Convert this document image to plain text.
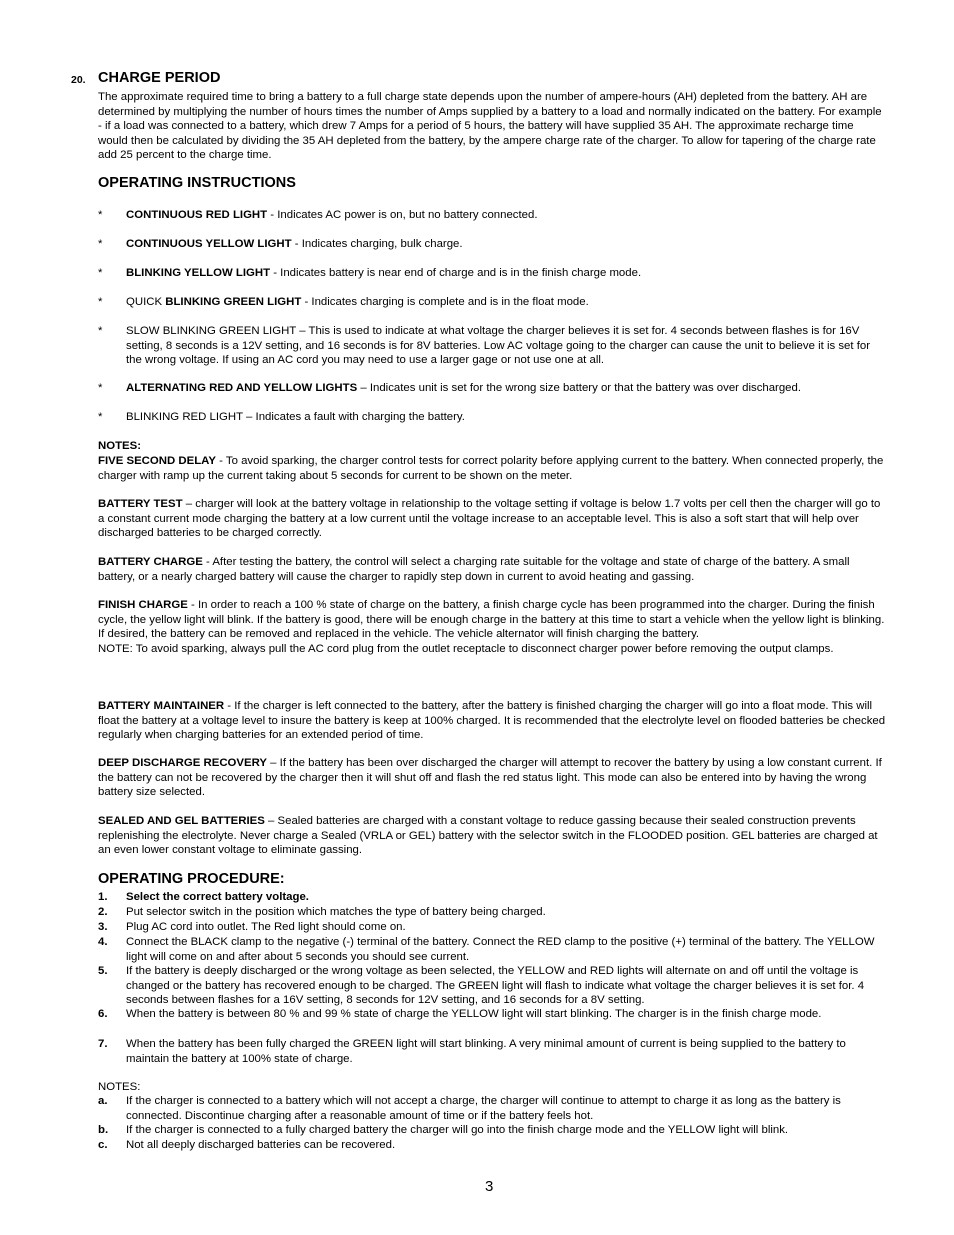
20. CHARGE PERIOD
The approximate required time to bring a battery to a full charge state depends upon the number of ampere-hours (AH) depleted from the battery. AH are determined by multiplying the number of hours times the number of Amps supplied by a battery to a load and normally indicated on the battery. For example - if a load was connected to a battery, which drew 7 Amps for a period of 5 hours, the battery will have supplied 35 AH. The approximate recharge time would then be calculated by dividing the 35 AH depleted from the battery, by the ampere charge rate of the charger. To allow for tapering of the charge rate add 25 percent to the charge time.
OPERATING INSTRUCTIONS
* CONTINUOUS RED LIGHT - Indicates AC power is on, but no battery connected.
* CONTINUOUS YELLOW LIGHT - Indicates charging, bulk charge.
* BLINKING YELLOW LIGHT - Indicates battery is near end of charge and is in the finish charge mode.
* QUICK BLINKING GREEN LIGHT - Indicates charging is complete and is in the float mode.
* SLOW BLINKING GREEN LIGHT – This is used to indicate at what voltage the charger believes it is set for. 4 seconds between flashes is for 16V setting, 8 seconds is a 12V setting, and 16 seconds is for 8V batteries. Low AC voltage going to the charger can cause the unit to believe it is set for the wrong voltage. If using an AC cord you may need to use a larger gage or not use one at all.
* ALTERNATING RED AND YELLOW LIGHTS – Indicates unit is set for the wrong size battery or that the battery was over discharged.
* BLINKING RED LIGHT – Indicates a fault with charging the battery.
NOTES:
FIVE SECOND DELAY - To avoid sparking, the charger control tests for correct polarity before applying current to the battery. When connected properly, the charger with ramp up the current taking about 5 seconds for current to be shown on the meter.
BATTERY TEST – charger will look at the battery voltage in relationship to the voltage setting if voltage is below 1.7 volts per cell then the charger will go to a constant current mode charging the battery at a low current until the voltage increase to an acceptable level. This is also a soft start that will help over discharged batteries to be charged correctly.
BATTERY CHARGE - After testing the battery, the control will select a charging rate suitable for the voltage and state of charge of the battery. A small battery, or a nearly charged battery will cause the charger to rapidly step down in current to avoid heating and gassing.
FINISH CHARGE - In order to reach a 100 % state of charge on the battery, a finish charge cycle has been programmed into the charger. During the finish cycle, the yellow light will blink. If the battery is good, there will be enough charge in the battery at this time to start a vehicle when the yellow light is blinking. If desired, the battery can be removed and replaced in the vehicle. The vehicle alternator will finish charging the battery.
NOTE: To avoid sparking, always pull the AC cord plug from the outlet receptacle to disconnect charger power before removing the output clamps.
BATTERY MAINTAINER - If the charger is left connected to the battery, after the battery is finished charging the charger will go into a float mode. This will float the battery at a voltage level to insure the battery is keep at 100% charged. It is recommended that the electrolyte level on flooded batteries be checked regularly when charging batteries for an extended period of time.
DEEP DISCHARGE RECOVERY – If the battery has been over discharged the charger will attempt to recover the battery by using a low constant current. If the battery can not be recovered by the charger then it will shut off and flash the red status light. This mode can also be entered into by having the wrong battery size selected.
SEALED AND GEL BATTERIES – Sealed batteries are charged with a constant voltage to reduce gassing because their sealed construction prevents replenishing the electrolyte. Never charge a Sealed (VRLA or GEL) battery with the selector switch in the FLOODED position. GEL batteries are charged at an even lower constant voltage to eliminate gassing.
OPERATING PROCEDURE:
1. Select the correct battery voltage.
2. Put selector switch in the position which matches the type of battery being charged.
3. Plug AC cord into outlet. The Red light should come on.
4. Connect the BLACK clamp to the negative (-) terminal of the battery. Connect the RED clamp to the positive (+) terminal of the battery. The YELLOW light will come on and after about 5 seconds you should see current.
5. If the battery is deeply discharged or the wrong voltage as been selected, the YELLOW and RED lights will alternate on and off until the voltage is changed or the battery has recovered enough to be charged. The GREEN light will flash to indicate what voltage the charger believes it is set for. 4 seconds between flashes for a 16V setting, 8 seconds for 12V setting, and 16 seconds for a 8V setting.
6. When the battery is between 80 % and 99 % state of charge the YELLOW light will start blinking. The charger is in the finish charge mode.
7. When the battery has been fully charged the GREEN light will start blinking. A very minimal amount of current is being supplied to the battery to maintain the battery at 100% state of charge.
NOTES:
a. If the charger is connected to a battery which will not accept a charge, the charger will continue to attempt to charge it as long as the battery is connected. Discontinue charging after a reasonable amount of time or if the battery feels hot.
b. If the charger is connected to a fully charged battery the charger will go into the finish charge mode and the YELLOW light will blink.
c. Not all deeply discharged batteries can be recovered.
3
